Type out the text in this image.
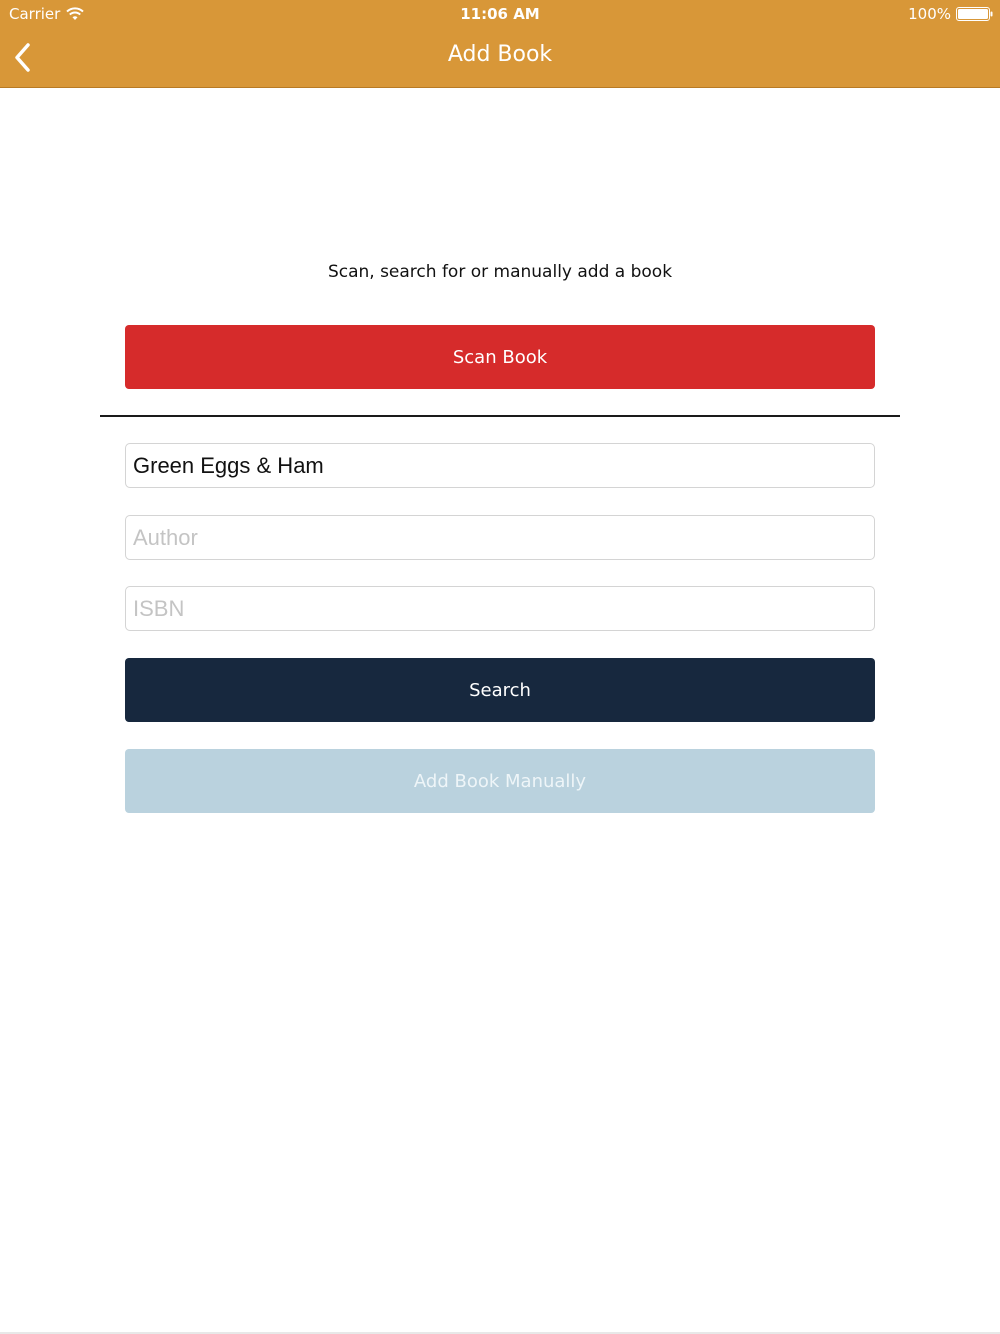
Carrier	11:06 AM	100%
Add Book
Scan, search for or manually add a book
Scan Book
Green Eggs & Ham
Author
ISBN
Search
Add Book Manually
